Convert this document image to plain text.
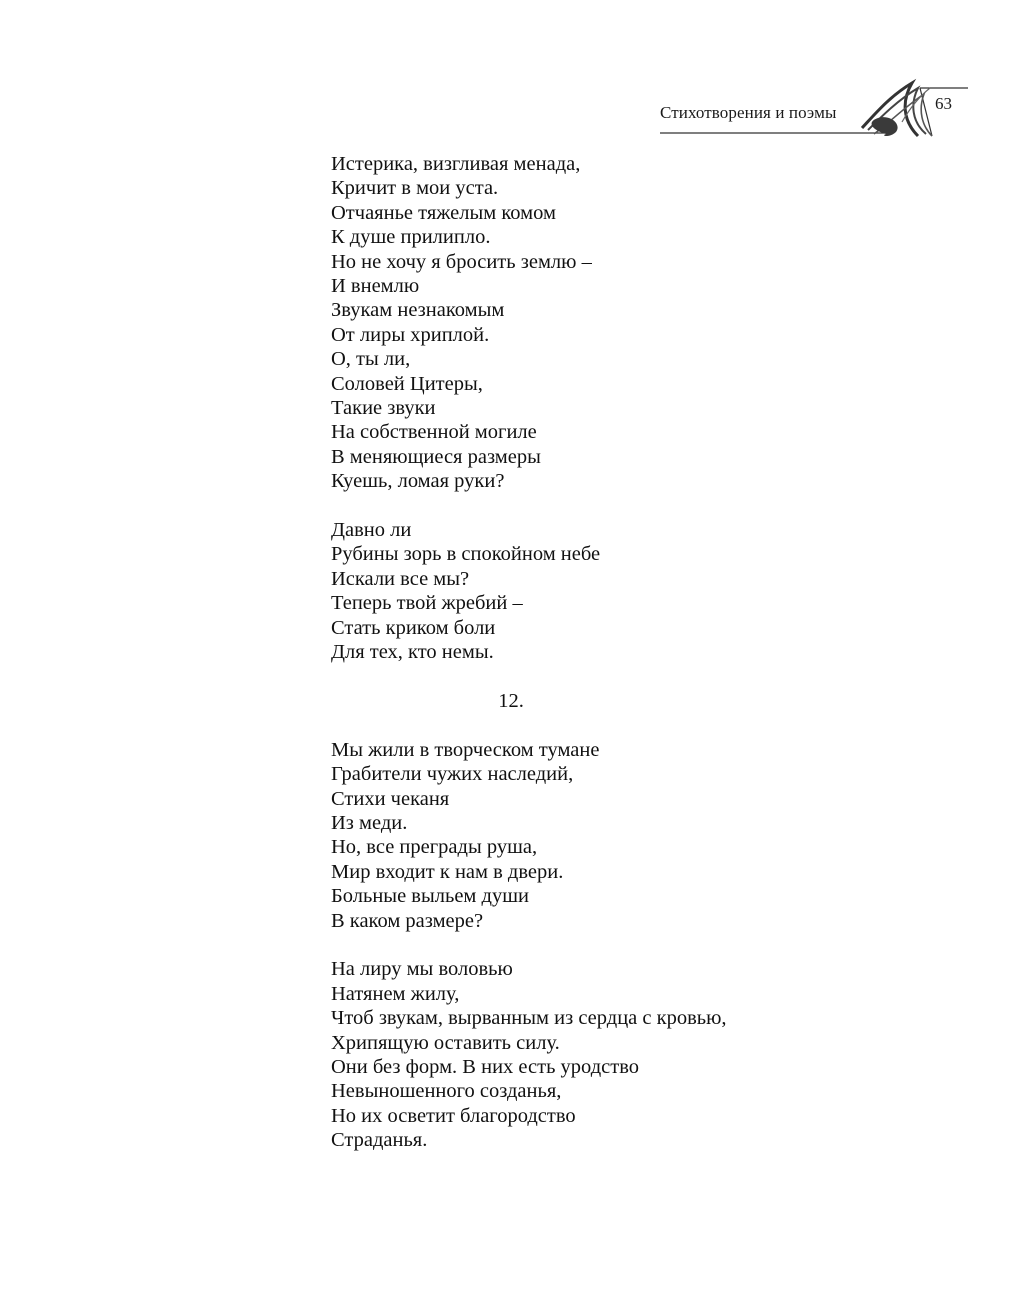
Стихотворения и поэмы	63
Истерика, визгливая менада,
Кричит в мои уста.
Отчаянье тяжелым комом
К душе прилипло.
Но не хочу я бросить землю –
И внемлю
Звукам незнакомым
От лиры хриплой.
О, ты ли,
Соловей Цитеры,
Такие звуки
На собственной могиле
В меняющиеся размеры
Куешь, ломая руки?
Давно ли
Рубины зорь в спокойном небе
Искали все мы?
Теперь твой жребий –
Стать криком боли
Для тех, кто немы.
12.
Мы жили в творческом тумане
Грабители чужих наследий,
Стихи чеканя
Из меди.
Но, все преграды руша,
Мир входит к нам в двери.
Больные выльем души
В каком размере?
На лиру мы воловью
Натянем жилу,
Чтоб звукам, вырванным из сердца с кровью,
Хрипящую оставить силу.
Они без форм. В них есть уродство
Невыношенного созданья,
Но их осветит благородство
Страданья.
